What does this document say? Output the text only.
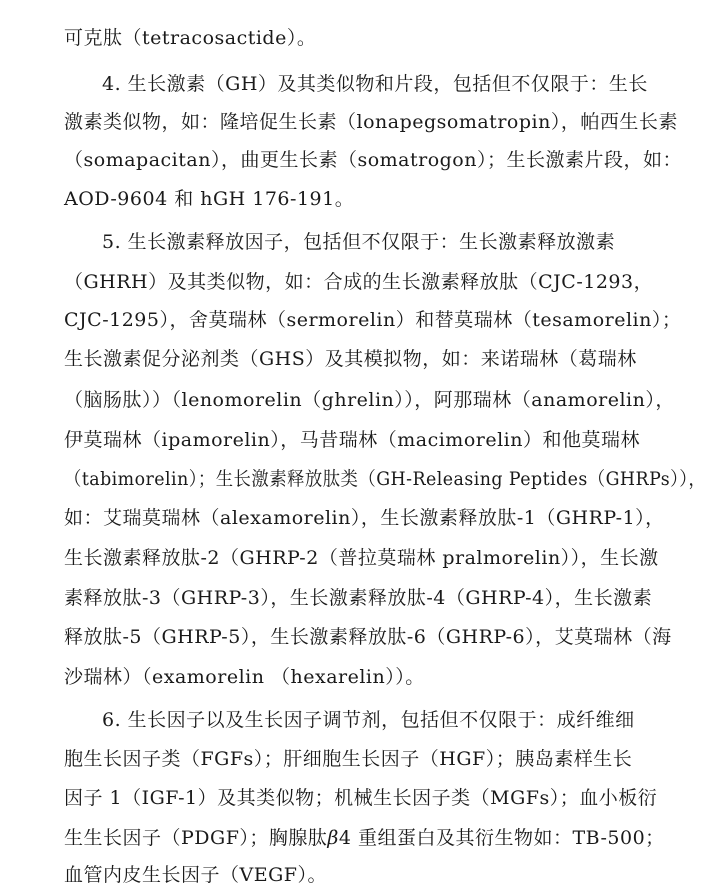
可克肽（tetracosactide）。
4. 生长激素（GH）及其类似物和片段，包括但不仅限于：生长
激素类似物，如：隆培促生长素（lonapegsomatropin），帕西生长素
（somapacitan），曲更生长素（somatrogon）；生长激素片段，如：
AOD-9604 和 hGH 176-191。
5. 生长激素释放因子，包括但不仅限于：生长激素释放激素
（GHRH）及其类似物，如：合成的生长激素释放肽（CJC-1293，
CJC-1295），舍莫瑞林（sermorelin）和替莫瑞林（tesamorelin）；
生长激素促分泌剂类（GHS）及其模拟物，如：来诺瑞林（葛瑞林
（脑肠肽））（lenomorelin（ghrelin）），阿那瑞林（anamorelin），
伊莫瑞林（ipamorelin），马昔瑞林（macimorelin）和他莫瑞林
（tabimorelin）；生长激素释放肽类（GH-Releasing Peptides（GHRPs）），
如：艾瑞莫瑞林（alexamorelin），生长激素释放肽-1（GHRP-1），
生长激素释放肽-2（GHRP-2（普拉莫瑞林 pralmorelin）），生长激
素释放肽-3（GHRP-3），生长激素释放肽-4（GHRP-4），生长激素
释放肽-5（GHRP-5），生长激素释放肽-6（GHRP-6），艾莫瑞林（海
沙瑞林）（examorelin （hexarelin））。
6. 生长因子以及生长因子调节剂，包括但不仅限于：成纤维细
胞生长因子类（FGFs）；肝细胞生长因子（HGF）；胰岛素样生长
因子 1（IGF-1）及其类似物；机械生长因子类（MGFs）；血小板衍
生生长因子（PDGF）；胸腺肽β4 重组蛋白及其衍生物如：TB-500；
血管内皮生长因子（VEGF）。
